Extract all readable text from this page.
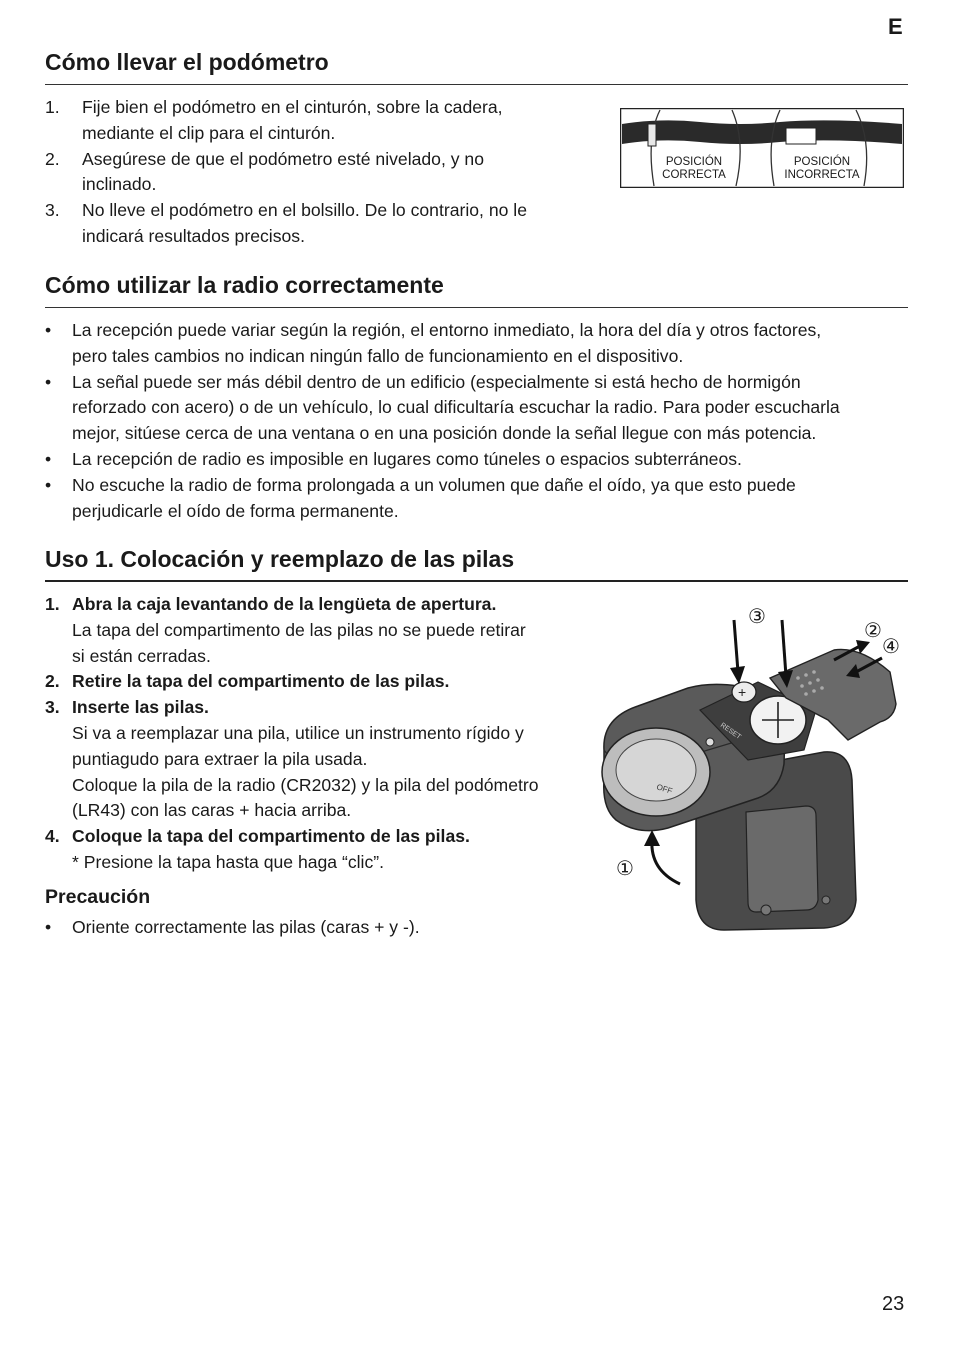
E
Cómo llevar el podómetro
1. Fije bien el podómetro en el cinturón, sobre la cadera,
mediante el clip para el cinturón.
2. Asegúrese de que el podómetro esté nivelado, y no
inclinado.
3. No lleve el podómetro en el bolsillo. De lo contrario, no le
indicará resultados precisos.
POSICIÓN
CORRECTA
POSICIÓN
INCORRECTA
Cómo utilizar la radio correctamente
• La recepción puede variar según la región, el entorno inmediato, la hora del día y otros factores,
pero tales cambios no indican ningún fallo de funcionamiento en el dispositivo.
• La señal puede ser más débil dentro de un edificio (especialmente si está hecho de hormigón
reforzado con acero) o de un vehículo, lo cual dificultaría escuchar la radio. Para poder escucharla
mejor, sitúese cerca de una ventana o en una posición donde la señal llegue con más potencia.
• La recepción de radio es imposible en lugares como túneles o espacios subterráneos.
• No escuche la radio de forma prolongada a un volumen que dañe el oído, ya que esto puede
perjudicarle el oído de forma permanente.
Uso 1. Colocación y reemplazo de las pilas
1. Abra la caja levantando de la lengüeta de apertura.
La tapa del compartimento de las pilas no se puede retirar
si están cerradas.
2. Retire la tapa del compartimento de las pilas.
3. Inserte las pilas.
Si va a reemplazar una pila, utilice un instrumento rígido y
puntiagudo para extraer la pila usada.
Coloque la pila de la radio (CR2032) y la pila del podómetro
(LR43) con las caras + hacia arriba.
4. Coloque la tapa del compartimento de las pilas.
* Presione la tapa hasta que haga “clic”.
Precaución
• Oriente correctamente las pilas (caras + y -).
OFF
RESET
+
③
②
④
①
23
